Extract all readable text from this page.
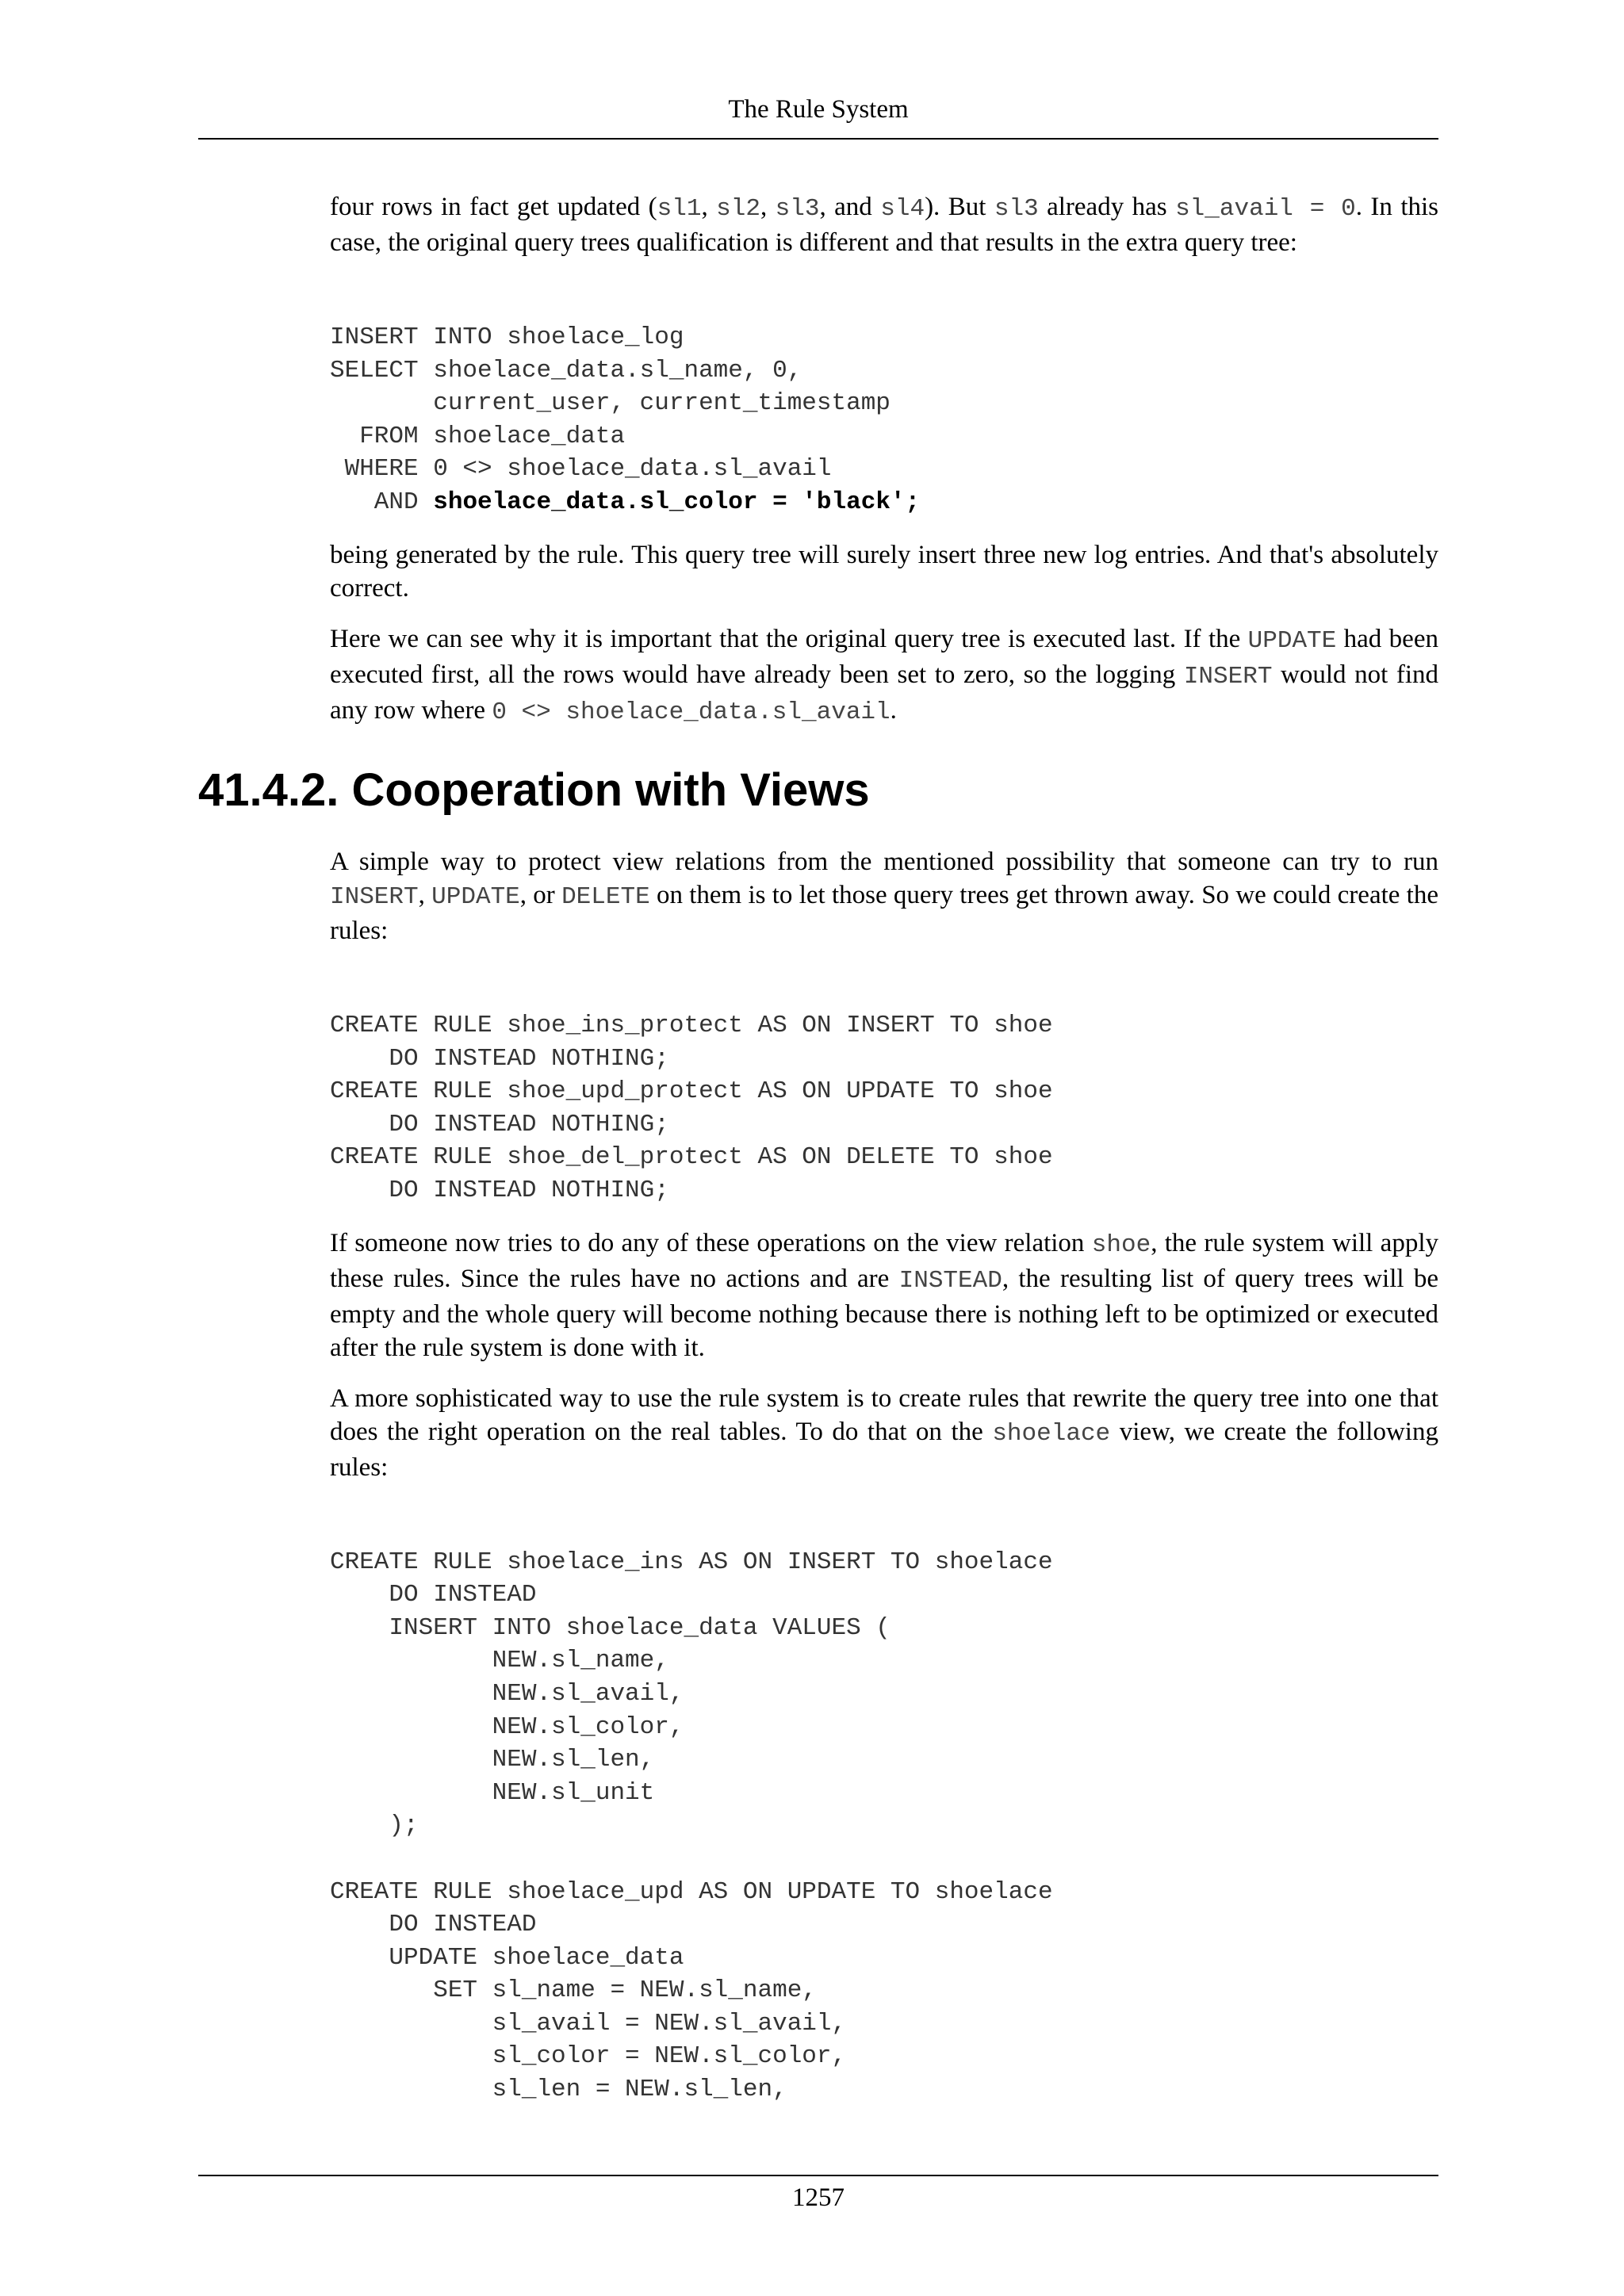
The Rule System

four rows in fact get updated (sl1, sl2, sl3, and sl4). But sl3 already has sl_avail = 0. In this case, the original query trees qualification is different and that results in the extra query tree:

INSERT INTO shoelace_log
SELECT shoelace_data.sl_name, 0,
current_user, current_timestamp
FROM shoelace_data
WHERE 0 <> shoelace_data.sl_avail
AND shoelace_data.sl_color = 'black';

being generated by the rule. This query tree will surely insert three new log entries. And that's absolutely correct.

Here we can see why it is important that the original query tree is executed last. If the UPDATE had been executed first, all the rows would have already been set to zero, so the logging INSERT would not find any row where 0 <> shoelace_data.sl_avail.

41.4.2. Cooperation with Views

A simple way to protect view relations from the mentioned possibility that someone can try to run INSERT, UPDATE, or DELETE on them is to let those query trees get thrown away. So we could create the rules:

CREATE RULE shoe_ins_protect AS ON INSERT TO shoe
DO INSTEAD NOTHING;
CREATE RULE shoe_upd_protect AS ON UPDATE TO shoe
DO INSTEAD NOTHING;
CREATE RULE shoe_del_protect AS ON DELETE TO shoe
DO INSTEAD NOTHING;

If someone now tries to do any of these operations on the view relation shoe, the rule system will apply these rules. Since the rules have no actions and are INSTEAD, the resulting list of query trees will be empty and the whole query will become nothing because there is nothing left to be optimized or executed after the rule system is done with it.

A more sophisticated way to use the rule system is to create rules that rewrite the query tree into one that does the right operation on the real tables. To do that on the shoelace view, we create the following rules:

CREATE RULE shoelace_ins AS ON INSERT TO shoelace
DO INSTEAD
INSERT INTO shoelace_data VALUES (
NEW.sl_name,
NEW.sl_avail,
NEW.sl_color,
NEW.sl_len,
NEW.sl_unit
);

CREATE RULE shoelace_upd AS ON UPDATE TO shoelace
DO INSTEAD
UPDATE shoelace_data
SET sl_name = NEW.sl_name,
sl_avail = NEW.sl_avail,
sl_color = NEW.sl_color,
sl_len = NEW.sl_len,
1257
